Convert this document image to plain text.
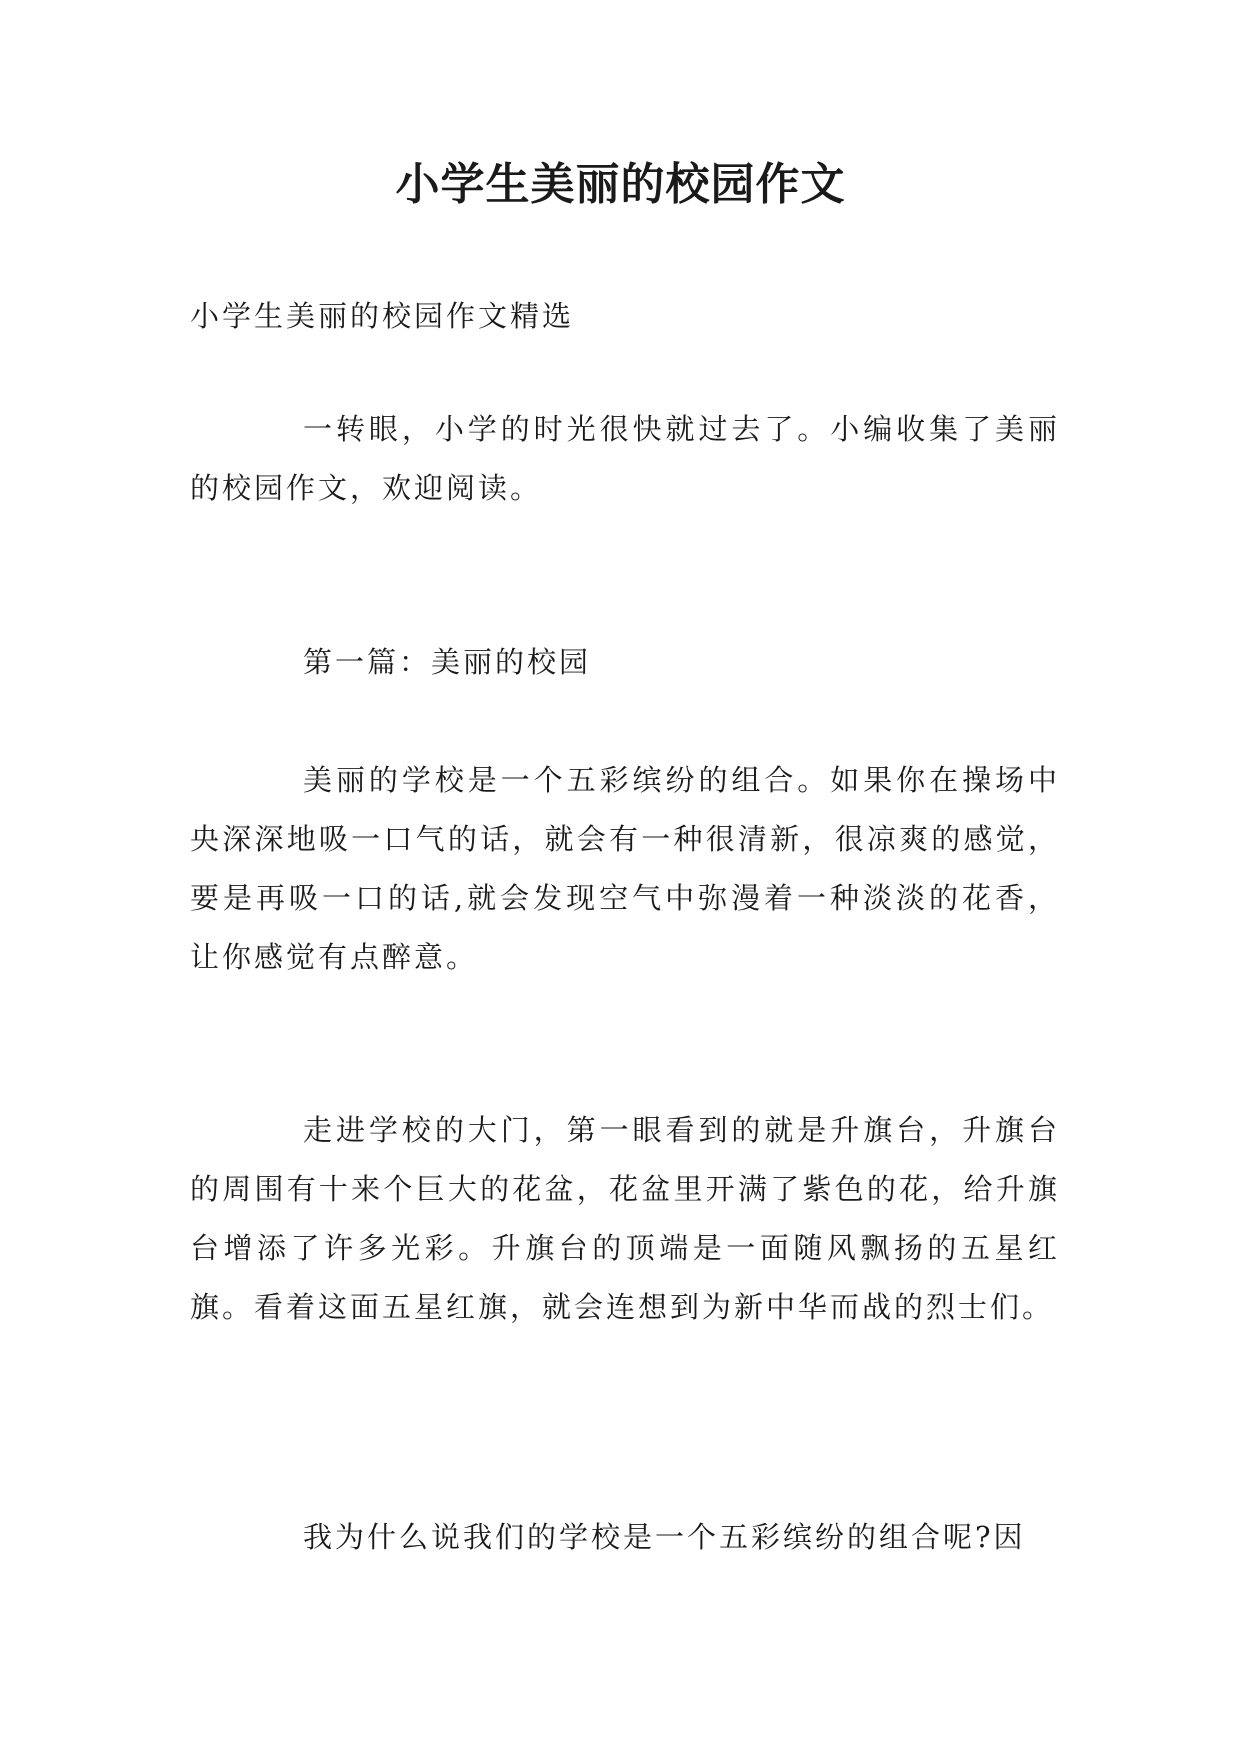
小学生美丽的校园作文

小学生美丽的校园作文精选

一转眼，小学的时光很快就过去了。小编收集了美丽的校园作文，欢迎阅读。

第一篇：美丽的校园

美丽的学校是一个五彩缤纷的组合。如果你在操场中央深深地吸一口气的话，就会有一种很清新，很凉爽的感觉，要是再吸一口的话,就会发现空气中弥漫着一种淡淡的花香，让你感觉有点醉意。

走进学校的大门，第一眼看到的就是升旗台，升旗台的周围有十来个巨大的花盆，花盆里开满了紫色的花，给升旗台增添了许多光彩。升旗台的顶端是一面随风飘扬的五星红旗。看着这面五星红旗，就会连想到为新中华而战的烈士们。

我为什么说我们的学校是一个五彩缤纷的组合呢?因
